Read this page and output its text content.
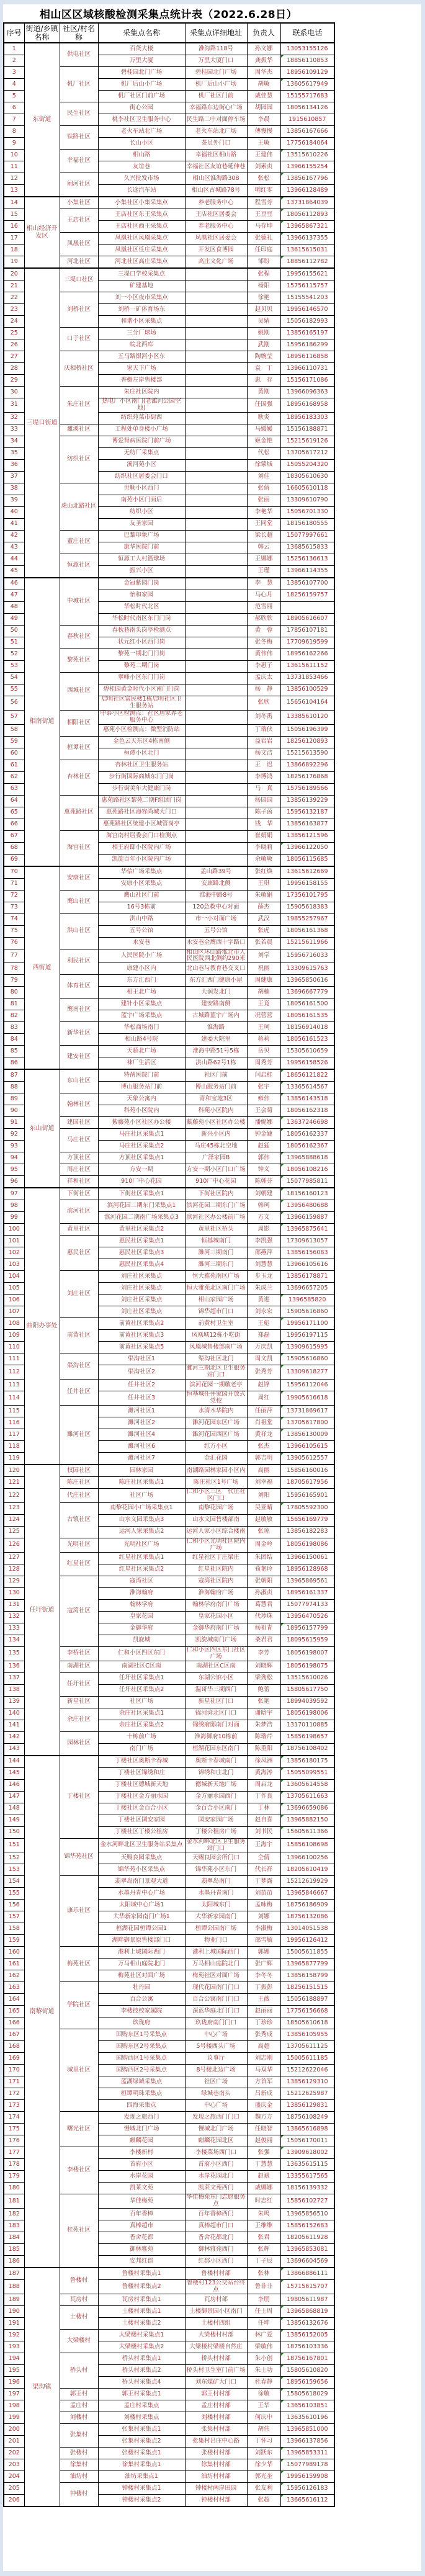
相山区区域核酸检测采集点统计表（2022.6.28日）
序号	街道/乡镇名称	社区/村名称	采集点名称	采集点详细地址	负责人	联系电话
1	东街道	供电社区	百货大楼	淮海路118号	孙文娜	13053155126
2			万里大厦	万里大厦门口	龚振华	18856110853

3		机厂社区	碧桂园北门广场	碧桂园北门广场	周华杰	18956109129
4			机厂后山小广场	机厂后山小广场	胡敏	13605617949

5			机厂社区门前广场	机厂社区门前	戚佳慧	15155717683
6		民生社区	街心公园	幸福路东边街心广场	胡园园	18056134126
7			桃李社区卫生服务中心	民生路二中对面停车场	李晨	1915610857
8		铁路社区	老火车站北广场	老火车站北广场	傅慢慢	13856167666
9			长山小区	茶员外门口	王敏	17756184064
10		幸福社区	相山路	幸福社区相山路	王建伟	13515610226

11			友谊巷	幸福社区友谊巷延伸巷	刘素贞	13966155254
12		闸河社区	久兴批发市场	相山区淮海路308	张松	13856167796

13			长途汽车站	相山区古城路78号	明红零	13966128489
14	相山经济开发区	小集社区	小集社区小集采集点	养老服务中心	程雪芳	13731864039

15		王店社区	王店社区东王采集点	王店社区居委会	王豆豆	18056112893

16			王店社区西王采集点	养老服务中心	马存坤	13965867321

17		凤凰社区	凤凰社区凤凰采集点	凤凰社区居委会	张德礼	13966137355

18			凤凰社区任庄采集点	开发区食博园	任印庭	13615615031
19		河北社区	河北社区高庄采集点	高庄文化广场	邹盼	18856112782

20	三堤口街道	三堤口社区	三堤口学校采集点		张程	19956155621
21			矿建基地		杨阳	15756115757
22		刘桥社区	刘一小区夜市采集点		徐艳	15155541203
23			刘桥一矿体育场东		赵贝贝	19956146570
24			和谐小区采集点		吴婧	15056182993
25		口子社区	三分厂球场		姚刚	13856165197
26			皖北西库		武刚	15956186299
27		庆相桥社区	五马路银河小区东		陶婉莹	18956116858
28			家天下广场		袁　丁	13966110731
29			香榭左岸售楼部		惠　存	15156171086
30		朱庄社区	朱庄社区院内		黄刚	13966096363
31			热电厂小区南门(老濉河公园空地)		任国强	18956168958
32			纺织苑菜市街西		耿炎	18956183303
33		濉溪社区	工程处单身楼小广场		马媛媛	15156188871
34		纺织社区	博爱肾病医院门前广场		姬金艳	15215619126
35			无纺厂采集点		代松	13705617212
36			溪河苑小区		徐蒙城	15055204320
37			纺织社区居委会门口		刘佳	18305610630
38		虎山北路社区	世顺小区西门		张倩	16605610118
39			南苑小区门面后		张丽	13309610790
40			纺织小区		李艳华	15056701330
41			友圣家园		王同堂	18156180555
42		董庄社区	巴黎印象广场		梁长超	15077997661
43			康华医院门前		韩云	13685615833
44		恒源社区	恒源工人村篮球场		王娜娜	15256136613
45			振兴小区		王瑾	13966114355
46	相南街道	中城社区	金冠紫园门岗		李　慧	13856107700
47			怡和家园		马心月	18256159757
48			华松时代北区		范雪丽	
49			华松时代南区东门门岗		郝欣欣	18905616607
50		春秋社区	春秋巷南头岗亭检测点		黄　蓉	17856107181
51			状元红小区西门岗		张冬梅	17709619599
52		黎苑社区	黎苑一期北门门岗		黄伟伟	18956162266
53			黎苑二期门岗		李惠子	13615611152
54		西城社区	翠峰小区东门门岗		孟庆太	13731853466
55			碧桂园黄金时代小区南门门岗		杨　静	13856100529
56			启明社区富民楼1栋启明社区卫生服务站		张欣	15656104164
57		相阳社区	中泰小区检测点：社区居家养老服务中心		刘冬禹	13385610120
58			惠苑小区检测点：微型消防站		丁瑞侠	15056196399
59		桓谭社区	金色云天东区4栋南侧		益岩岩	18256120893
60			桓谭小区北门		杨文洁	15215613590
61		杏林社区	杏林社区卫生服务站		王　迟	13866892296
62			步行街国际商城东门门岗		李博鸿	18256176868
63			步行街美年大健康门岗		马　真	15756189566
64		惠苑路社区	惠苑路社区黎苑二期F组团门岗		杨园园	13856139229
65			惠苑路社区海容尚城大门口		陈子茵	15956132187
66			惠苑路社区统建小区城管岗亭		钱　华	13856163877
67		海宫社区	海宫南村居委会门口检测点		崔娟娟	13856121596
68			相王府邸小区院内广场		李晓莉	13966122050

69			凯旋百年小区院内广场		余敏敏	18056115685
70	西街道	安康社区	华信广场采集点	孟山路39号	张红焕	13615612669
71			安康小区采集点	安康路北侧	王琪	19956158155
72		鹰山社区	鹰山社区门前	淮海中路8号	朱敏娟	17356101795
73			16号3栋前	120急救中心对面	薛杰	15905618383
74		洪山社区	洪山中路	市一小对面广场	武汉	19855257967
75			五号公馆	五号公馆	张虎	18056161368
76			永安巷	永安巷金鹰西十字路口	张若晨	15215611966
77		利民社区	人民医院小广场	相山区环山路淮北市人民医院西北侧约290米	刘学	15956716033
78			康建小区内	北山巷与教育巷交叉口	祝丽	13309615763
79		体育社区	东方汇西门	东方汇西门健康小屋	周健康	13965850616
80			相王北广场	大润发北门	胡楠	13696667779
81		鹰南社区	建针小区采集点	建安路南侧	王竟	18056161500
82			蓝宇广场采集点	古城路蓝宇广场内	况营营	18056161535
83		新华社区	华松商场南门	淮海路	王珂	18156914018
84			相山路4号院	建委大院里	蒋莉	18056161523
85		建安社区	天骄北广场	淮海中路51号5栋	岳贝	15305610659
86			袜厂生活区	洪山路62号1栋	周秀芳	19956158526
87	东山街道	东山社区	特凿医院门前	社区门前	闫启桂	18656121822

88			博山服务站门前	博山服务站门前	张宇	13365614567

89		翰林社区	天象公寓内	青和宝地3区	雍伟	13856143518

90			科苑小区院内	科苑小区院内	王会菊	18056162318
91		建国社区	紫藤苑小区社区办公楼	紫藤苑小区社区办公楼	潘妮娜	13637246698

92		马庄社区	马庄社区采集点1	新兴小区内	钟金婕	18056162337

93			马庄社区采集点2	马庄45栋北空地	赵猛	18056162367
94		方顶社区	方顶社区采集点1	广泽家园B	郭伟	13965888618

95		周庄社区	方安一期	方安一期小区门口广场	钟义	18056108216

96		祥和社区	910厂中心花园	910厂中心花园	陈韩芬	15077985811

97	曲阳办事处	下街社区	下街社区采集点1	下街社区院内	刘朝建	18156160123

98		滨河社区	滨河花园二期东门采集点1	滨河花园二期东门广场	韩珂	13956480688

99			滨河花园二期南广场采集点3	滨河社区办公楼前广场	方文	13966159887

100		黄里社区	黄里社区采集点2	黄里社区桥头	周影	13965875641

101		惠民社区	惠民社区采集点1	恒基城南门	李凯强	17309613057
102			惠民社区采集点3	濉河三期南门	邵燕萍	13856156083
103			惠民社区采集点4	濉河三期东门	刘慧慧	13966105616
104		刘庄社区	刘庄社区采集点	恒大雅苑南区广场	步玉龙	13856178871
105			刘庄社区采集点	恒大雅苑北区南门广场	朱成兰	13696657205
106			刘庄社区采集点	相山家园广场	黄进	1396585820

107			刘庄社区采集点	锦华超市门口	刘永宏	15905616860
108		前黄社区	前黄社区采集点2	前黄村卫生室	王彪	19956171100

109			前黄社区采集点3	凤凰城12栋小吃街	郑磊	19956197115
110			前黄社区采集点5	凤凰城售楼部南广场	万庆凯	13909615995

111		渠沟社区	渠沟社区1	渠沟社区北门	周文凯	15905616860

112			渠沟社区2	濉河三期北区卫生服务站门口	张秀芳	13309618277

113		任井社区	任井社区2	滨河花园一期敬老亭	赵锋	15956112046
114			任井社区3	恒基城任井家园开放式党校	周红	19905616618

115		濉河社区	濉河社区1	水清木华院内	任丽萍	13731869617

116			濉河社区2	濉河花园东区广场	肖祖堂	13705617800

117			濉河社区4	濉河花园西区广场	黄祥龙	13856130009

118			濉河社区6	红方小区	张杰	13966105615
119			濉河社区7	金汇花园	郭吉明	13905612557

120	任圩街道	权园社区	园林家园	南湖路园林家园小区内	高丽	15856160016
121		陈庄社区	陈庄社区采集点1	陈庄社区1号广场	刘幸福	18705617956
122		代庄社区	社区广场	仁和小区三区　代庄社区门口	刘阳	15956165901
123		古镇社区	南黎花园小广场采集点1	南黎花园广场	吴亚晴	17805592300

124			山水文园采集点3	山水文园售楼部南	赵敏敏	15656169779
125			运河人家采集点2	运河人家小区综合楼南	张琼	13856182283
126		光明社区	光明社区广场	仁和小区光明社区院内广场	周金岭	18056198086
127		红星社区	红星社区采集点1	红星社区丁庄梁庄	朱团结	13966150061
128			红星社区采集点2	红星社区院内	荀艳玲	18956128968
129		寇湾社区	寇湾社区	寇湾社区院内	张朝阳	13965869561
130			淮海翰府	淮海翰府广场	孙淑贞	18956161337
131			翰林学府	翰林学府南门广场	葛慧君	15077974133
132			皇家花园	皇家花园小区	代珍珠	13956470526
133			金御华府	金御华府南门广场	杨祖青	18956157799

134			凯旋城	凯旋城南门广场	桑君君	18095615959
135		李桥社区	仁和小区四区东门	仁和小区四区东门社区广场	李芳	18056198007
136		南湖社区	南湖社区C区南	南湖社区C区南	刘晓辉	18056198075
137		任圩社区	任圩社区采集点1	东湖公馆小区	梁劲松	13515610026
138			任圩社区采集点2	温哥华三期西门	鲍蕾	15805617750
139		新星社区	社区广场	新星社区门口	张艳	18994039592
140		余庄社区	余庄社区采集点1	锦河湾北区门口	谢晗宇	18056198006
141			余庄社区采集点2	锦绣府邸南门对面	朱梦浩	13170110885
142		园林社区	十栋前广场	淮海御府10栋前	陈瑞芹	15856198657
143			南门广场	桓湖花园东区南门	陈重阳	18756108402

144	南黎街道	丁楼社区	丁楼社区奥斯卡春城	奥斯卡春城南门	徐凤洲	13856180175

145			丁楼社区锦绣和庄	锦绣和庄北门	黄海涛	15055099551

146			丁楼社区德城新天地	德城新天地广场	周启龙	13605614558

147			丁楼社区金方丽水园	金方丽水园西门	丁作良	13705611663

148			丁楼社区金百合小区	金百合小区南门	丁林	13696659086

149			丁楼社区国安家园	国安家园广场	赵自喜	13965882150

150			丁楼社区丁楼公租房	丁楼公租房广场	刘书民	15605611366

151		锦华苑社区	金水河畔北区卫生服务站采集点	金水河畔北区卫生服务站门口	王海宇	15856108698
152			天赐良园采集点	天赐良园会所门口	仝倩	13966100256
153			锦华苑小区采集点	锦华苑小区东门	代长祥	18205610419
154		康乐社区	翡翠岛南门景观大道	翡翠岛南门	丁梦露	15212619929
155			水墨丹青中心广场	水墨丹青南门	刘苗苗	13965846667
156			太阳城中心广场1	太阳城东门	孟咏梅	18756186909
157			大华新家园南门广场1	大华新家园南门	刘娜	18756132086
158			桓湖花园桓谭公园1	桓谭公园南广场	李淑梅	13014051538
159			湖畔御景原售楼部门口	物业门口	邵雪毓	19956126412
160		梅苑社区	港利上城国际西门	港利上城国际西门	郭娜	15005611855
161			万马相山庭院北门	万马相山庭院北门	张广辉	13965877799
162			梅苑社区对面广场	梅苑社区对面广场	李冬冬	13856158799
163		学院社区	牡丹园	现代花园南门门口	丁振彭	18256151515
164			百合公寓	百合公寓南门门口	王薇	15056188897
165			李楼技校家属院	深蓝华庭北门门口	赵丽丽	17756156668
166			玖珑府	玖珑府南门门口	丁珍珍	18505610618
167		城里社区	国购东区1号采集点	中心广场	张秀成	13856105955
168			国购东区2号采集点	5号楼西头广场	高超	13705611125
169			国购西区1号采集点	议事厅	刘志刚	15005611185
170			国购西区2号采集点	8号楼北边广场	马双华	15212622046
171			蓝湖绿城采集点	社区广场	方首军	13856129310
172			桓谭明珠采集点	绿城巷南头	吕新成	15212625987
173			四海采集点	中心广场	盛庆金	13856129831
174		曙光社区	发现之旅西门	发现之旅西门门口	魏方方	18756108249
175			慢城北门广场	慢城北门广场	任晓智	13865616898
176			麒麟花园	麒麟花园北区	赵俊丽	15056170011

177		李楼社区	李楼新村	李楼菜场西门口	张强	13909618002

178			首府小区	首府小区西门	丁慧慧	13635615115
179			水岸花园	水岸花园北门	赵斌	13355617565
180			凯莱文苑	凯莱文苑西门	戚娜娜	18156139332
181		桂苑社区	华佳梅苑	华佳梅苑东门志愿服务点	时志红	15856102727
182			百年香樟	百年香樟西门	朱鸣	13965856510
183			真棒超市	真棒超市门口	王维维	15856152683
184			香舍花都	香舍花都北门	张君	18205611928
185			御林雅苑	御林雅苑西门	张辉	13965853081
186			安邦红郡	红郡小区西门	丁子辰	13696604569
187	渠沟镇	鲁楼村	鲁楼村采集点1	鲁楼村村部	张林	13866886111

188			鲁楼村采集点2	鲁楼村123公交站台终点	鲁非非	15715615707

189		瓦房村	瓦房村采集点1	瓦房村部	李朋	19805611987
190		土楼村	土楼村采集点1	土楼御景园小区南门	任士周	13965868819

191			土楼村采集点2	土楼村四组	任坤	13856132676

192		大梁楼村	大梁楼村采集点1	大梁楼村村部	林广爱	13856152005

193			大梁楼村采集点2	大梁楼村梁楼自然庄	梁敏伟	18756103336
194		桥头村	桥头村采集点1	桥头村村部	朱小创	18756167801

195			桥头村采集点2	桥头村卫生室门前广场	朱士功	15805610820

196			桥头村采集点4	刘东煤矿大门口	杜春静	18956159656

197		郭王村	郭王村采集点1	郭王村村部	徐敬	15805618029

198		孟庄村	孟庄村采集点	孟庄村村部	王华	13656103851

199		刘楼村	刘楼村采集点	刘楼村村部	何庆中	13635610196
200		张集村	张集村采集点1	张集村村部	胡伟	13965851000
201			张集村采集点2	张集村吕庄中心路	丁怀习	13966137856
202		张楼村	张楼村采集点1	张楼村村部	刘跃东	13965853311

203		徐集村	徐集村采集点1	徐集村村部	徐少华	15077989178

204		油坊村	油坊采集点1	油坊村村部	郭光奎	19956159908

205		钟楼村	钟楼村采集点1	钟楼村两岸田园	张友利	15956126183

206			钟楼村采集点2	钟楼村村部	张超	13665616112
